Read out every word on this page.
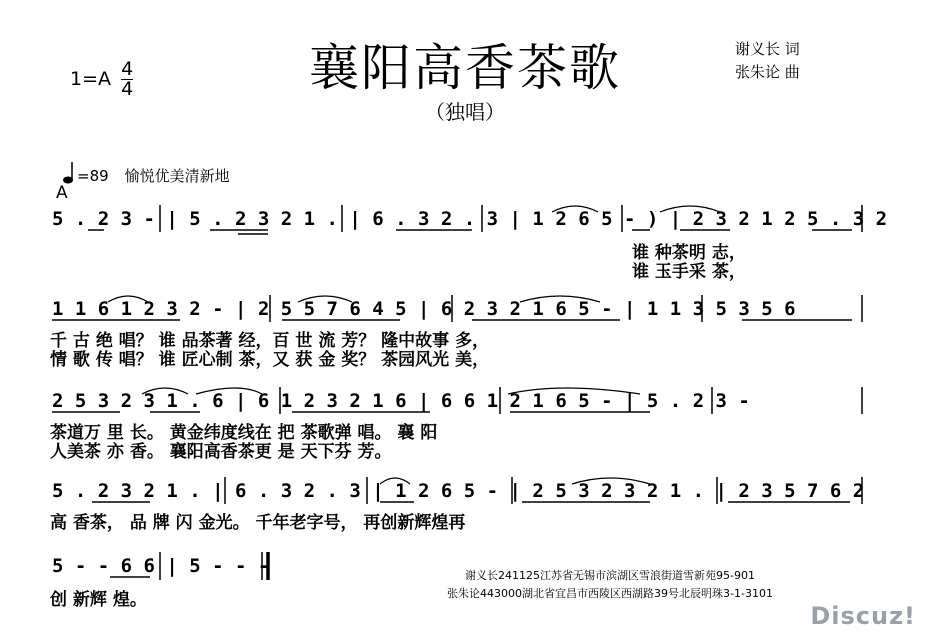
$1=A \frac{4}{4}$	襄阳高香茶歌
（独唱）
谢义长 词
张朱论 曲
=89 愉悦优美清新地
A
5 . 2 3 - | 5 . 2 3 2 1 . | 6 . 3 2 . 3 | 1 2 6 5 - ) | 2 3 2 1 2 5 . 3 2
谁 种茶明 志，
谁 玉手采 茶，
1 1 6 1 2 3 2 - | 2 5 5 7 6 4 5 | 6 2 3 2 1 6 5 - | 1 1 3 5 3 5 6
千 古 绝 唱？ 谁 品茶著 经，百 世 流 芳？ 隆中故事 多，
情 歌 传 唱？ 谁 匠心制 茶，又 获 金 奖？ 茶园风光 美，
2 5 3 2 3 1 . 6 | 6 1 2 3 2 1 6 | 6 6 1 2 1 6 5 - | 5 . 2 3 -
茶道万 里 长。 黄金纬度线在 把 茶歌弹 唱。 襄 阳
人美茶 亦 香。 襄阳高香茶更 是 天下芬 芳。
5 . 2 3 2 1 . | 6 . 3 2 . 3 | 1 2 6 5 - | 2 5 3 2 3 2 1 . | 2 3 5 7 6 2
高 香茶， 品 牌 闪 金光。 千年老字号， 再创新辉煌再
5 - - 6 6 | 5 - - -
创 新辉 煌。
谢义长241125江苏省无锡市滨湖区雪浪街道雪新苑95-901
张朱论443000湖北省宜昌市西陵区西湖路39号北辰明珠3-1-3101
Discuz!
